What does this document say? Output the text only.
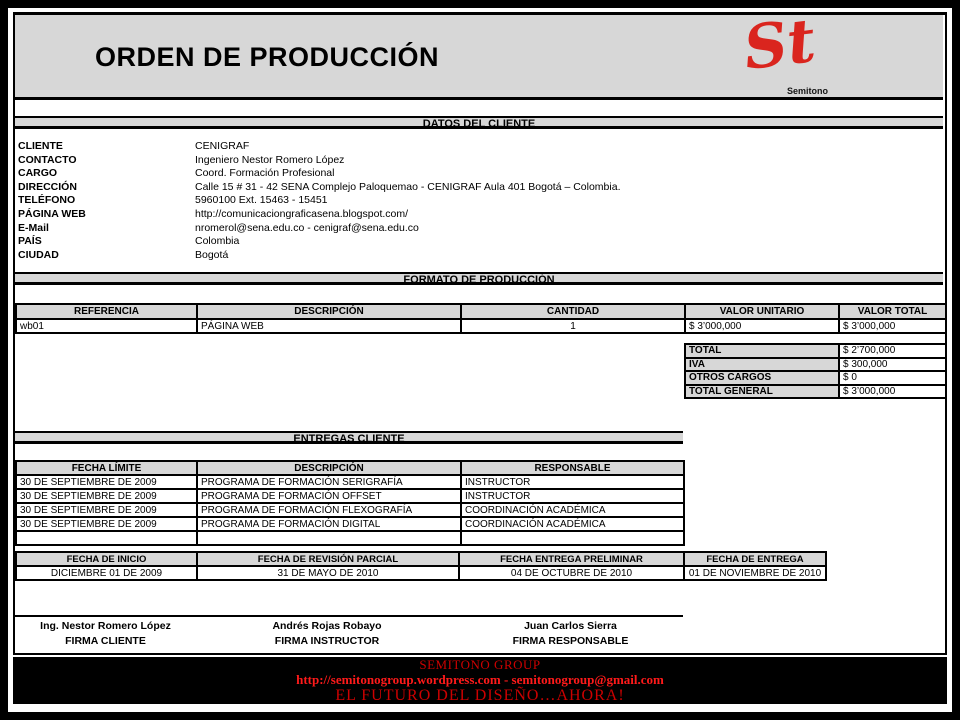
ORDEN DE PRODUCCIÓN	St
Semitono
DATOS DEL CLIENTE
CLIENTE	CENIGRAF
CONTACTO	Ingeniero Nestor Romero López
CARGO	Coord. Formación Profesional
DIRECCIÓN	Calle 15 # 31 - 42 SENA Complejo Paloquemao - CENIGRAF Aula 401 Bogotá – Colombia.
TELÉFONO	5960100 Ext. 15463 - 15451
PÁGINA WEB	http://comunicaciongraficasena.blogspot.com/
E-Mail	nromerol@sena.edu.co - cenigraf@sena.edu.co
PAÍS	Colombia
CIUDAD	Bogotá
FORMATO DE PRODUCCIÓN
REFERENCIA	DESCRIPCIÓN	CANTIDAD	VALOR UNITARIO	VALOR TOTAL
wb01	PÁGINA WEB	1	$ 3’000,000	$ 3’000,000
TOTAL	$ 2’700,000
IVA	$ 300,000
OTROS CARGOS	$ 0
TOTAL GENERAL	$ 3’000,000
ENTREGAS CLIENTE
FECHA LÍMITE	DESCRIPCIÓN	RESPONSABLE
30 DE SEPTIEMBRE DE 2009	PROGRAMA DE FORMACIÓN SERIGRAFÍA	INSTRUCTOR
30 DE SEPTIEMBRE DE 2009	PROGRAMA DE FORMACIÓN OFFSET	INSTRUCTOR
30 DE SEPTIEMBRE DE 2009	PROGRAMA DE FORMACIÓN FLEXOGRAFÍA	COORDINACIÓN ACADÉMICA
30 DE SEPTIEMBRE DE 2009	PROGRAMA DE FORMACIÓN DIGITAL	COORDINACIÓN ACADÉMICA

FECHA DE INICIO	FECHA DE REVISIÓN PARCIAL	FECHA ENTREGA PRELIMINAR	FECHA DE ENTREGA
DICIEMBRE 01 DE 2009	31 DE MAYO DE 2010	04 DE OCTUBRE DE 2010	01 DE NOVIEMBRE DE 2010
Ing. Nestor Romero López
FIRMA CLIENTE
Andrés Rojas Robayo
FIRMA INSTRUCTOR
Juan Carlos Sierra
FIRMA RESPONSABLE
SEMITONO GROUP
http://semitonogroup.wordpress.com - semitonogroup@gmail.com
EL FUTURO DEL DISEÑO…AHORA!
